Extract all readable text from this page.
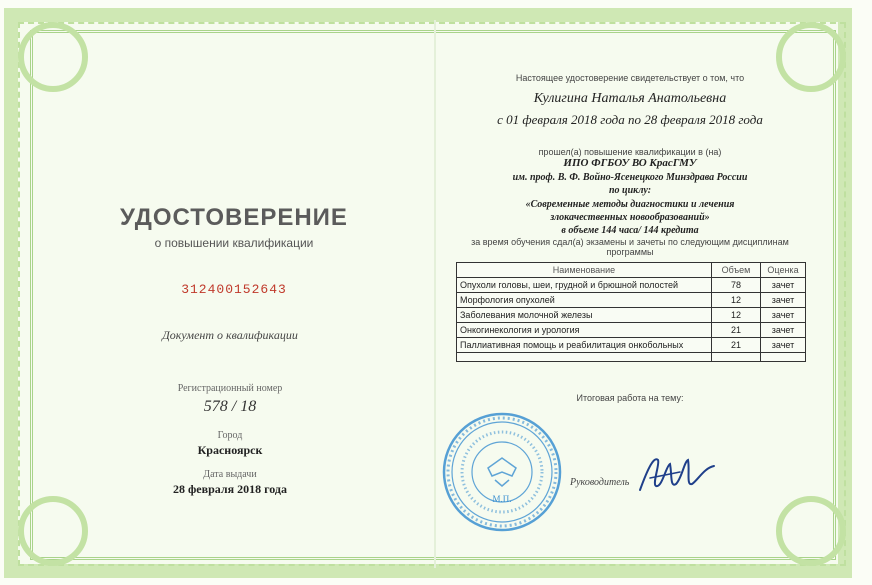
УДОСТОВЕРЕНИЕ
о повышении квалификации
312400152643
Документ о квалификации
Регистрационный номер
578 / 18
Город
Красноярск
Дата выдачи
28 февраля 2018 года
Настоящее удостоверение свидетельствует о том, что
Кулигина Наталья Анатольевна
с 01 февраля 2018 года по 28 февраля 2018 года
прошел(а) повышение квалификации в (на)
ИПО ФГБОУ ВО КрасГМУ
им. проф. В. Ф. Войно-Ясенецкого Минздрава России
по циклу:
«Современные методы диагностики и лечения
злокачественных новообразований»
в объеме 144 часа/ 144 кредита
за время обучения сдал(а) экзамены и зачеты по следующим дисциплинам
программы
Наименование	Объем	Оценка
Опухоли головы, шеи, грудной и брюшной полостей	78	зачет
Морфология опухолей	12	зачет
Заболевания молочной железы	12	зачет
Онкогинекология и урология	21	зачет
Паллиативная помощь и реабилитация онкобольных	21	зачет

Итоговая работа на тему:
М.П.
Руководитель
